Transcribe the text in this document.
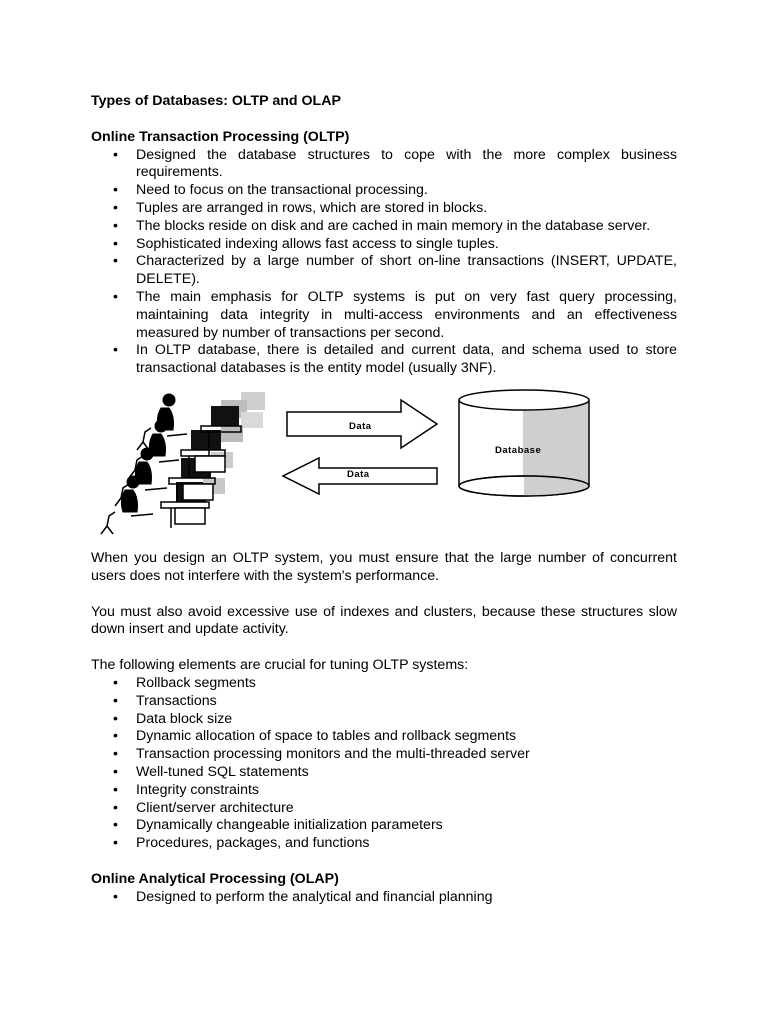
Types of Databases: OLTP and OLAP
Online Transaction Processing (OLTP)
• Designed the database structures to cope with the more complex business requirements.
• Need to focus on the transactional processing.
• Tuples are arranged in rows, which are stored in blocks.
• The blocks reside on disk and are cached in main memory in the database server.
• Sophisticated indexing allows fast access to single tuples.
• Characterized by a large number of short on-line transactions (INSERT, UPDATE, DELETE).
• The main emphasis for OLTP systems is put on very fast query processing, maintaining data integrity in multi-access environments and an effectiveness measured by number of transactions per second.
• In OLTP database, there is detailed and current data, and schema used to store transactional databases is the entity model (usually 3NF).
Data
Data
Database

When you design an OLTP system, you must ensure that the large number of concurrent users does not interfere with the system's performance.

You must also avoid excessive use of indexes and clusters, because these structures slow down insert and update activity.

The following elements are crucial for tuning OLTP systems:

• Rollback segments
• Transactions
• Data block size
• Dynamic allocation of space to tables and rollback segments
• Transaction processing monitors and the multi-threaded server
• Well-tuned SQL statements
• Integrity constraints
• Client/server architecture
• Dynamically changeable initialization parameters
• Procedures, packages, and functions
Online Analytical Processing (OLAP)
• Designed to perform the analytical and financial planning
